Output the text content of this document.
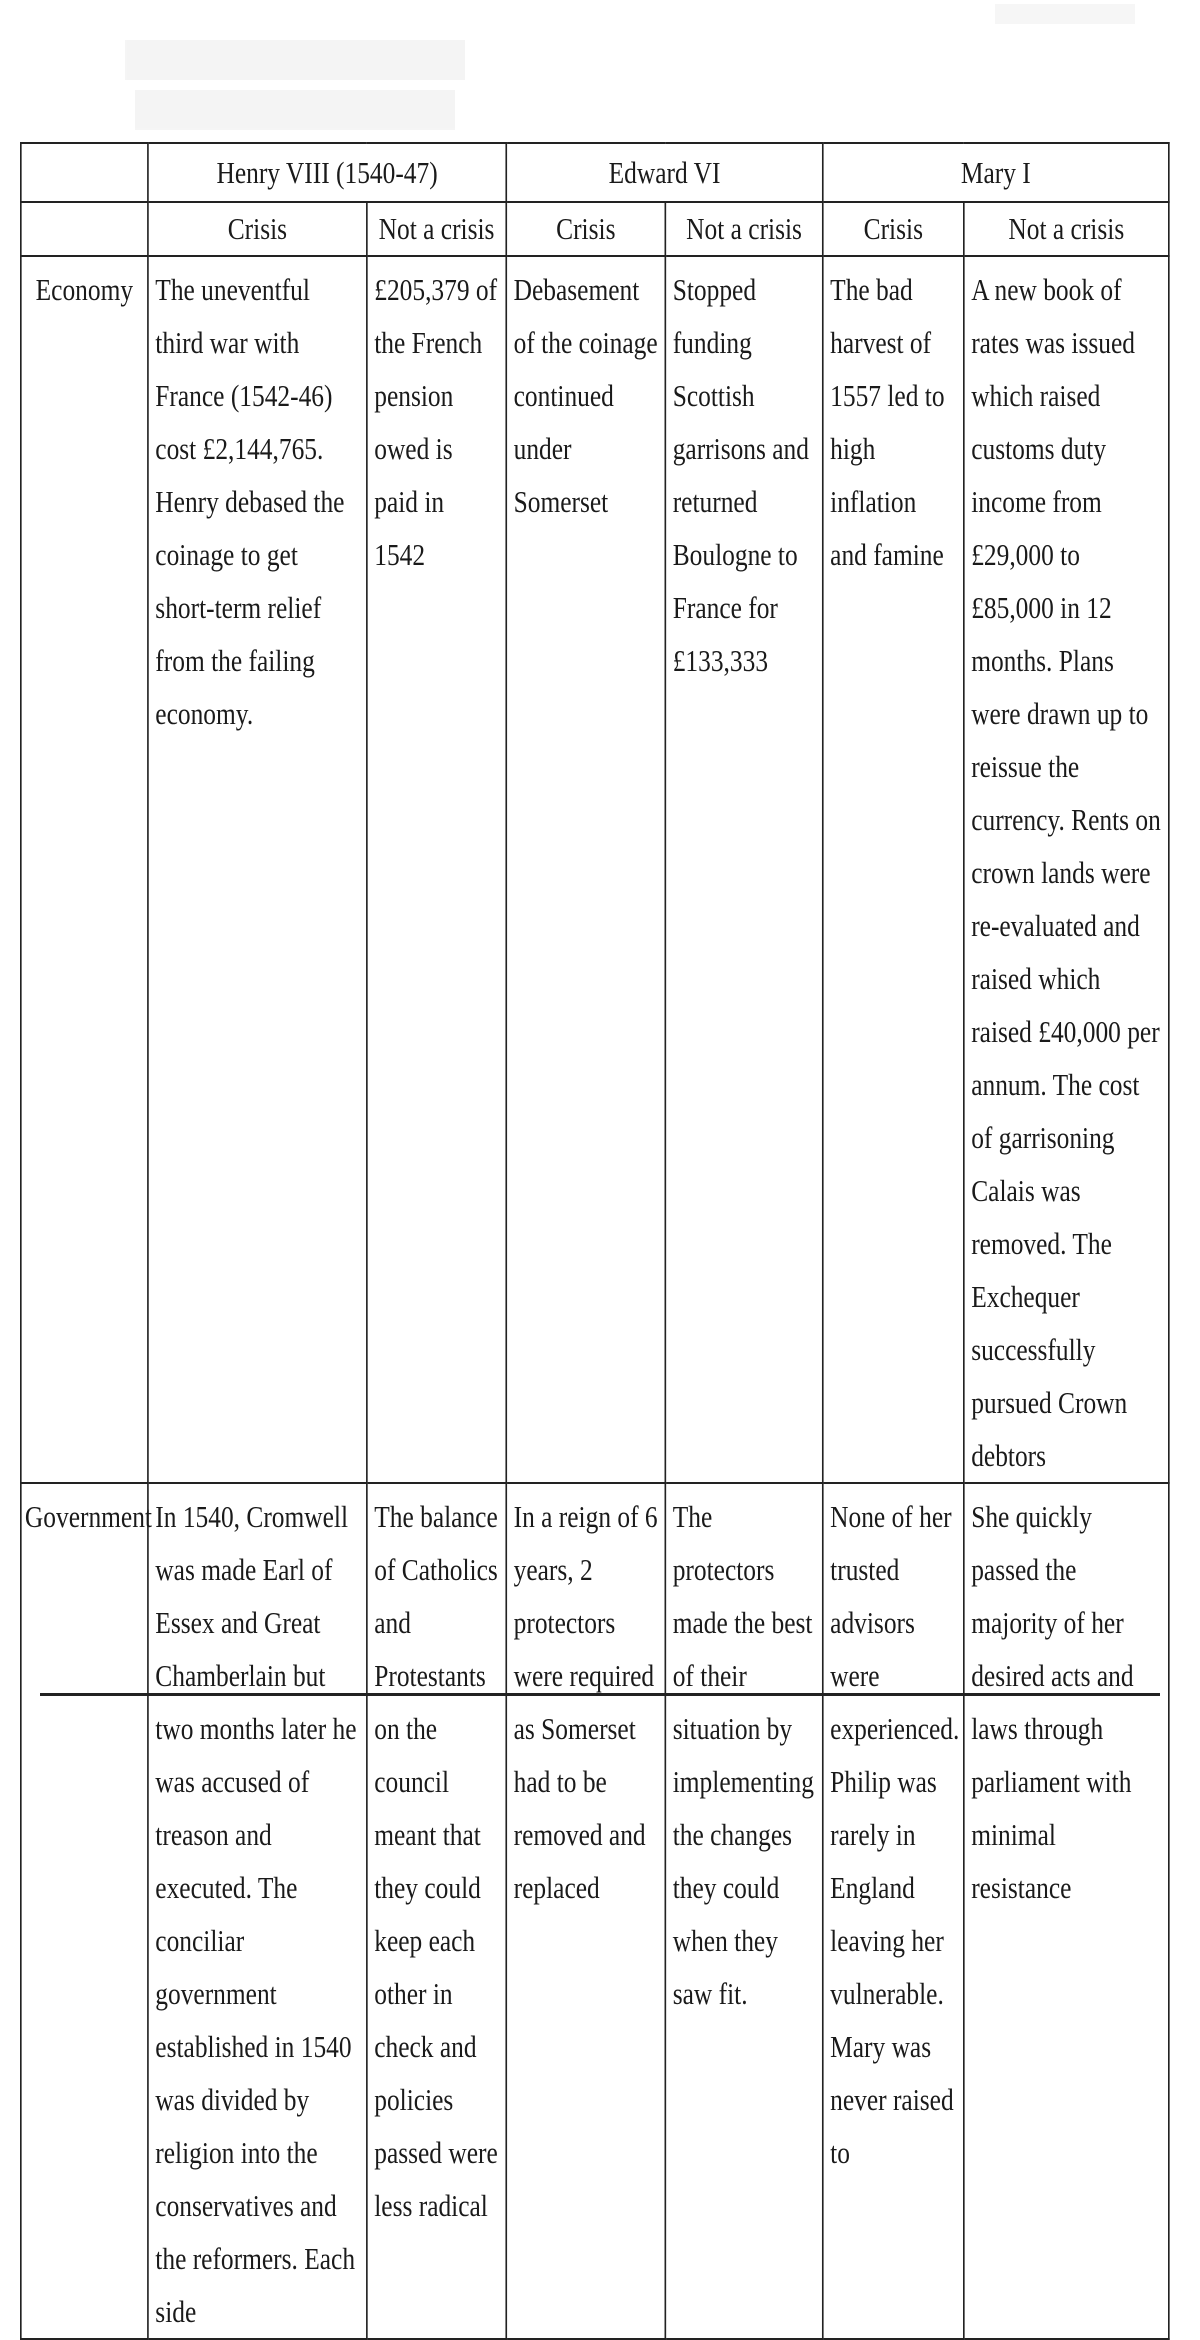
	Henry VIII (1540-47)		Edward VI		Mary I	
	Crisis	Not a crisis	Crisis	Not a crisis	Crisis	Not a crisis
Economy	The uneventful third war with France (1542-46) cost £2,144,765. Henry debased the coinage to get short-term relief from the failing economy.	£205,379 of the French pension owed is paid in 1542	Debasement of the coinage continued under Somerset	Stopped funding Scottish garrisons and returned Boulogne to France for £133,333	The bad harvest of 1557 led to high inflation and famine	A new book of rates was issued which raised customs duty income from £29,000 to £85,000 in 12 months. Plans were drawn up to reissue the currency. Rents on crown lands were re-evaluated and raised which raised £40,000 per annum. The cost of garrisoning Calais was removed. The Exchequer successfully pursued Crown debtors
Government	In 1540, Cromwell was made Earl of Essex and Great Chamberlain but two months later he was accused of treason and executed. The conciliar government established in 1540 was divided by religion into the conservatives and the reformers. Each side	The balance of Catholics and Protestants on the council meant that they could keep each other in check and policies passed were less radical	In a reign of 6 years, 2 protectors were required as Somerset had to be removed and replaced	The protectors made the best of their situation by implementing the changes they could when they saw fit.	None of her trusted advisors were experienced. Philip was rarely in England leaving her vulnerable. Mary was never raised to	She quickly passed the majority of her desired acts and laws through parliament with minimal resistance
